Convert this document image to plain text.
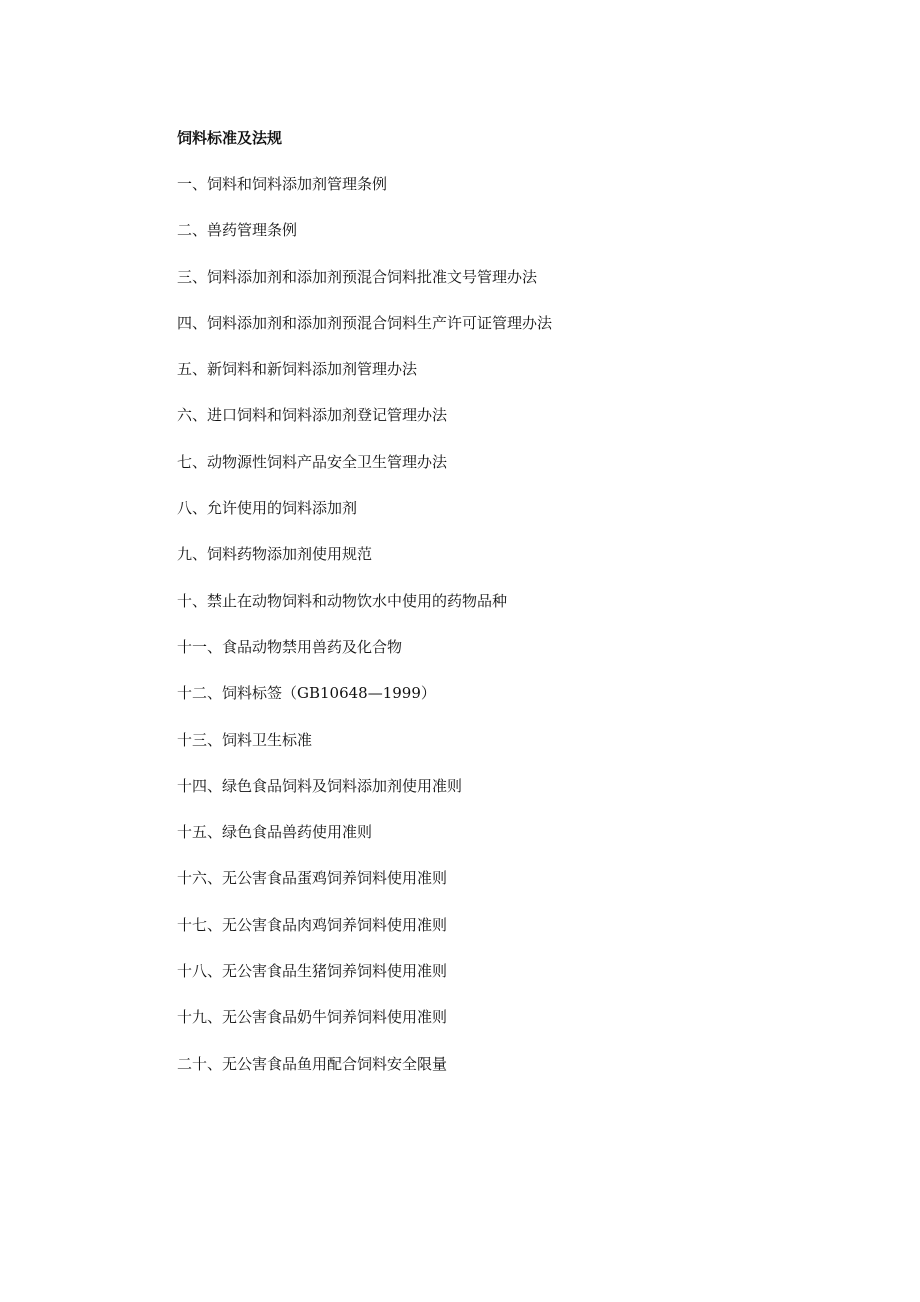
饲料标准及法规
一、饲料和饲料添加剂管理条例
二、兽药管理条例
三、饲料添加剂和添加剂预混合饲料批准文号管理办法
四、饲料添加剂和添加剂预混合饲料生产许可证管理办法
五、新饲料和新饲料添加剂管理办法
六、进口饲料和饲料添加剂登记管理办法
七、动物源性饲料产品安全卫生管理办法
八、允许使用的饲料添加剂
九、饲料药物添加剂使用规范
十、禁止在动物饲料和动物饮水中使用的药物品种
十一、食品动物禁用兽药及化合物
十二、饲料标签（GB10648—1999）
十三、饲料卫生标准
十四、绿色食品饲料及饲料添加剂使用准则
十五、绿色食品兽药使用准则
十六、无公害食品蛋鸡饲养饲料使用准则
十七、无公害食品肉鸡饲养饲料使用准则
十八、无公害食品生猪饲养饲料使用准则
十九、无公害食品奶牛饲养饲料使用准则
二十、无公害食品鱼用配合饲料安全限量
